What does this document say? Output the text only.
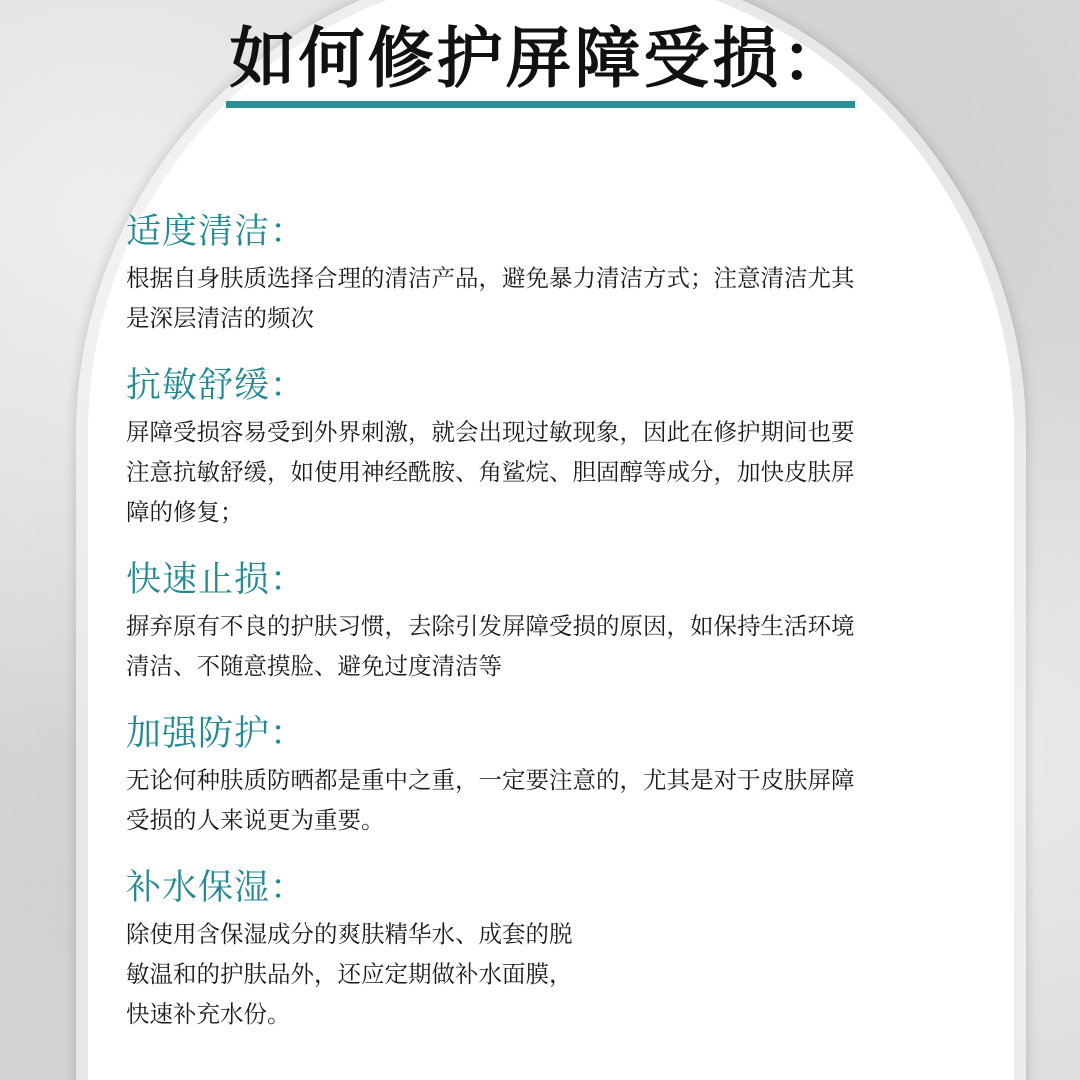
如何修护屏障受损：
适度清洁：
根据自身肤质选择合理的清洁产品，避免暴力清洁方式；注意清洁尤其
是深层清洁的频次
抗敏舒缓：
屏障受损容易受到外界刺激，就会出现过敏现象，因此在修护期间也要
注意抗敏舒缓，如使用神经酰胺、角鲨烷、胆固醇等成分，加快皮肤屏
障的修复；
快速止损：
摒弃原有不良的护肤习惯，去除引发屏障受损的原因，如保持生活环境
清洁、不随意摸脸、避免过度清洁等
加强防护：
无论何种肤质防晒都是重中之重，一定要注意的，尤其是对于皮肤屏障
受损的人来说更为重要。
补水保湿：
除使用含保湿成分的爽肤精华水、成套的脱
敏温和的护肤品外，还应定期做补水面膜，
快速补充水份。
